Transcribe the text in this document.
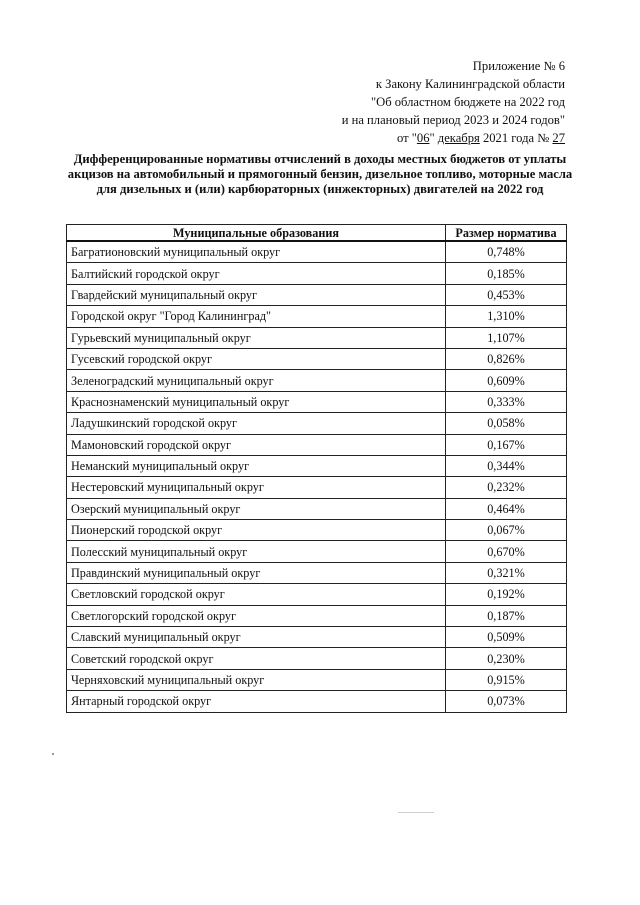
Приложение № 6
к Закону Калининградской области
"Об областном бюджете на 2022 год
и на плановый период 2023 и 2024 годов"
от "06" декабря 2021 года № 27
Дифференцированные нормативы отчислений в доходы местных бюджетов от уплаты акцизов на автомобильный и прямогонный бензин, дизельное топливо, моторные масла для дизельных и (или) карбюраторных (инжекторных) двигателей на 2022 год
Муниципальные образования	Размер норматива
Багратионовский муниципальный округ	0,748%
Балтийский городской округ	0,185%
Гвардейский муниципальный округ	0,453%
Городской округ "Город Калининград"	1,310%
Гурьевский муниципальный округ	1,107%
Гусевский городской округ	0,826%
Зеленоградский муниципальный округ	0,609%
Краснознаменский муниципальный округ	0,333%
Ладушкинский городской округ	0,058%
Мамоновский городской округ	0,167%
Неманский муниципальный округ	0,344%
Нестеровский муниципальный округ	0,232%
Озерский муниципальный округ	0,464%
Пионерский городской округ	0,067%
Полесский муниципальный округ	0,670%
Правдинский муниципальный округ	0,321%
Светловский городской округ	0,192%
Светлогорский городской округ	0,187%
Славский муниципальный округ	0,509%
Советский городской округ	0,230%
Черняховский муниципальный округ	0,915%
Янтарный городской округ	0,073%
